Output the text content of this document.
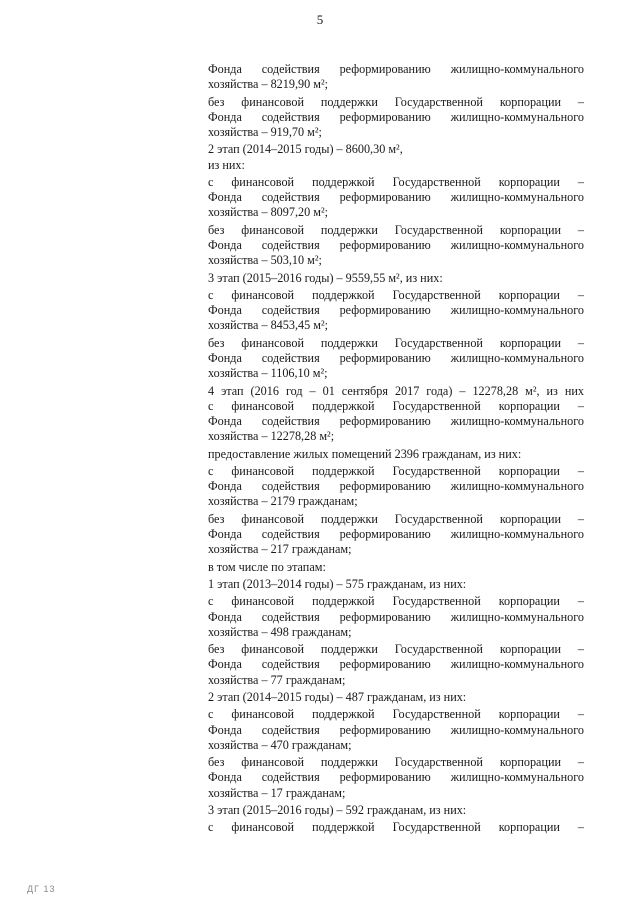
5
Фонда содействия реформированию жилищно-коммунального
хозяйства – 8219,90 м²;
без финансовой поддержки Государственной корпорации –
Фонда содействия реформированию жилищно-коммунального
хозяйства – 919,70 м²;
2 этап (2014–2015 годы) – 8600,30 м²,
из них:
с финансовой поддержкой Государственной корпорации –
Фонда содействия реформированию жилищно-коммунального
хозяйства – 8097,20 м²;
без финансовой поддержки Государственной корпорации –
Фонда содействия реформированию жилищно-коммунального
хозяйства – 503,10 м²;
3 этап (2015–2016 годы) – 9559,55 м², из них:
с финансовой поддержкой Государственной корпорации –
Фонда содействия реформированию жилищно-коммунального
хозяйства – 8453,45 м²;
без финансовой поддержки Государственной корпорации –
Фонда содействия реформированию жилищно-коммунального
хозяйства – 1106,10 м²;
4 этап (2016 год – 01 сентября 2017 года) – 12278,28 м², из них
с финансовой поддержкой Государственной корпорации –
Фонда содействия реформированию жилищно-коммунального
хозяйства – 12278,28 м²;
предоставление жилых помещений 2396 гражданам, из них:
с финансовой поддержкой Государственной корпорации –
Фонда содействия реформированию жилищно-коммунального
хозяйства – 2179 гражданам;
без финансовой поддержки Государственной корпорации –
Фонда содействия реформированию жилищно-коммунального
хозяйства – 217 гражданам;
в том числе по этапам:
1 этап (2013–2014 годы) – 575 гражданам, из них:
с финансовой поддержкой Государственной корпорации –
Фонда содействия реформированию жилищно-коммунального
хозяйства – 498 гражданам;
без финансовой поддержки Государственной корпорации –
Фонда содействия реформированию жилищно-коммунального
хозяйства – 77 гражданам;
2 этап (2014–2015 годы) – 487 гражданам, из них:
с финансовой поддержкой Государственной корпорации –
Фонда содействия реформированию жилищно-коммунального
хозяйства – 470 гражданам;
без финансовой поддержки Государственной корпорации –
Фонда содействия реформированию жилищно-коммунального
хозяйства – 17 гражданам;
3 этап (2015–2016 годы) – 592 гражданам, из них:
с финансовой поддержкой Государственной корпорации –
ДГ 13
